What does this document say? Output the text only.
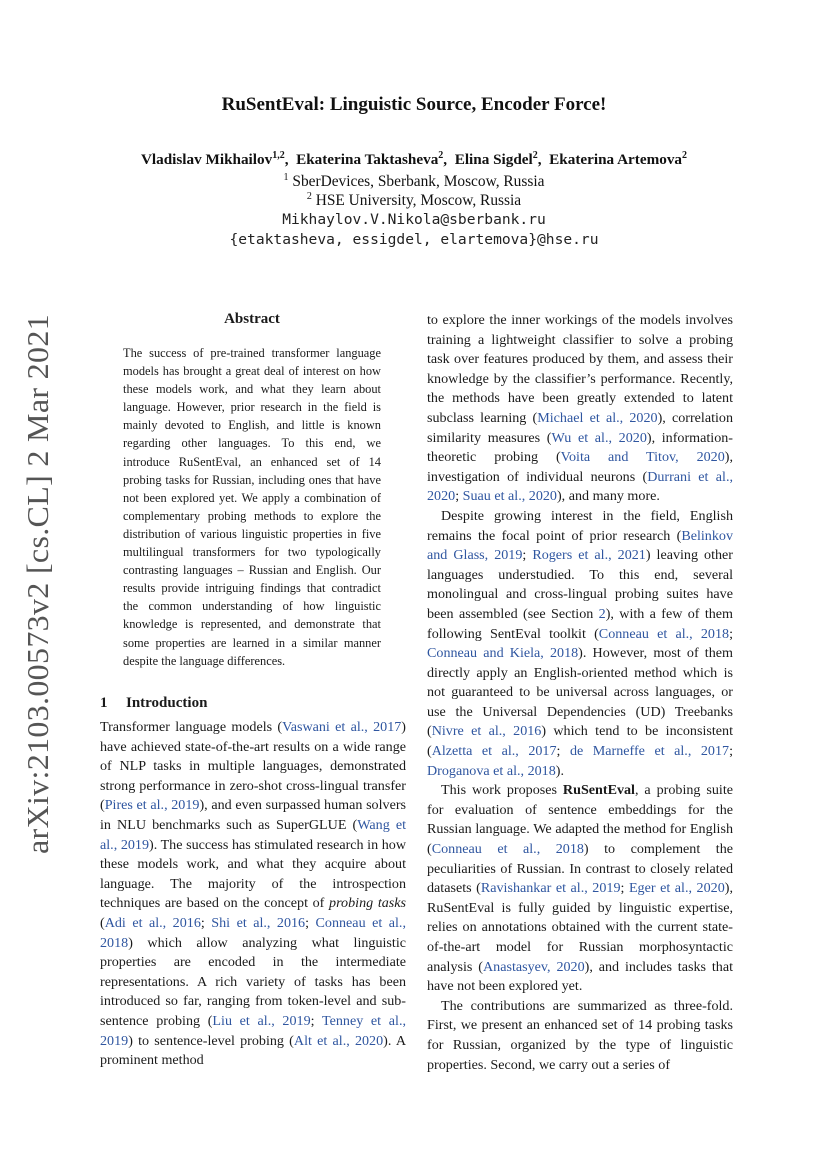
arXiv:2103.00573v2 [cs.CL] 2 Mar 2021
RuSentEval: Linguistic Source, Encoder Force!
Vladislav Mikhailov$^{1,2}$,  Ekaterina Taktasheva$^2$,  Elina Sigdel$^2$,  Ekaterina Artemova$^2$
$^1$ SberDevices, Sberbank, Moscow, Russia
$^2$ HSE University, Moscow, Russia
Mikhaylov.V.Nikola@sberbank.ru
{etaktasheva, essigdel, elartemova}@hse.ru
Abstract
The success of pre-trained transformer language models has brought a great deal of interest on how these models work, and what they learn about language. However, prior research in the field is mainly devoted to English, and little is known regarding other languages. To this end, we introduce RuSentEval, an enhanced set of 14 probing tasks for Russian, including ones that have not been explored yet. We apply a combination of complementary probing methods to explore the distribution of various linguistic properties in five multilingual transformers for two typologically contrasting languages – Russian and English. Our results provide intriguing findings that contradict the common understanding of how linguistic knowledge is represented, and demonstrate that some properties are learned in a similar manner despite the language differences.
1 Introduction

Transformer language models (Vaswani et al., 2017) have achieved state-of-the-art results on a wide range of NLP tasks in multiple languages, demonstrated strong performance in zero-shot cross-lingual transfer (Pires et al., 2019), and even surpassed human solvers in NLU benchmarks such as SuperGLUE (Wang et al., 2019). The success has stimulated research in how these models work, and what they acquire about language. The majority of the introspection techniques are based on the concept of probing tasks (Adi et al., 2016; Shi et al., 2016; Conneau et al., 2018) which allow analyzing what linguistic properties are encoded in the intermediate representations. A rich variety of tasks has been introduced so far, ranging from token-level and sub-sentence probing (Liu et al., 2019; Tenney et al., 2019) to sentence-level probing (Alt et al., 2020). A prominent method

to explore the inner workings of the models involves training a lightweight classifier to solve a probing task over features produced by them, and assess their knowledge by the classifier’s performance. Recently, the methods have been greatly extended to latent subclass learning (Michael et al., 2020), correlation similarity measures (Wu et al., 2020), information-theoretic probing (Voita and Titov, 2020), investigation of individual neurons (Durrani et al., 2020; Suau et al., 2020), and many more.

Despite growing interest in the field, English remains the focal point of prior research (Belinkov and Glass, 2019; Rogers et al., 2021) leaving other languages understudied. To this end, several monolingual and cross-lingual probing suites have been assembled (see Section 2), with a few of them following SentEval toolkit (Conneau et al., 2018; Conneau and Kiela, 2018). However, most of them directly apply an English-oriented method which is not guaranteed to be universal across languages, or use the Universal Dependencies (UD) Treebanks (Nivre et al., 2016) which tend to be inconsistent (Alzetta et al., 2017; de Marneffe et al., 2017; Droganova et al., 2018).

This work proposes RuSentEval, a probing suite for evaluation of sentence embeddings for the Russian language. We adapted the method for English (Conneau et al., 2018) to complement the peculiarities of Russian. In contrast to closely related datasets (Ravishankar et al., 2019; Eger et al., 2020), RuSentEval is fully guided by linguistic expertise, relies on annotations obtained with the current state-of-the-art model for Russian morphosyntactic analysis (Anastasyev, 2020), and includes tasks that have not been explored yet.

The contributions are summarized as three-fold. First, we present an enhanced set of 14 probing tasks for Russian, organized by the type of linguistic properties. Second, we carry out a series of
